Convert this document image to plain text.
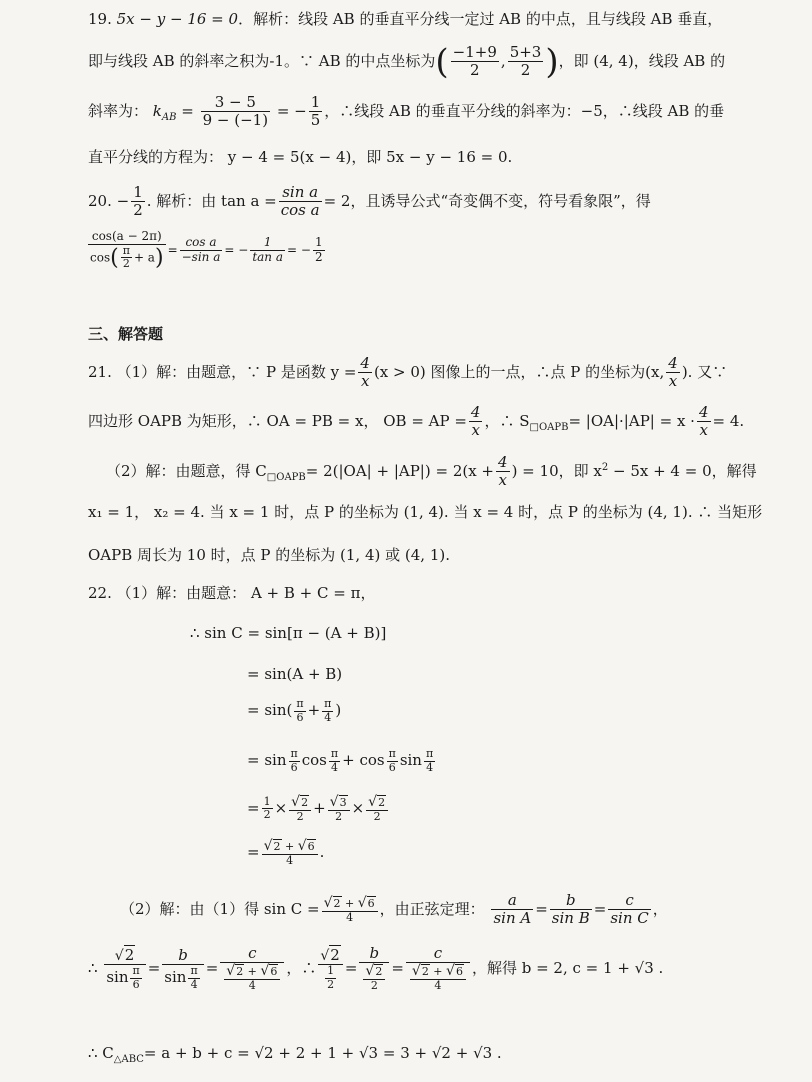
19. 5x − y − 16 = 0．解析：线段 AB 的垂直平分线一定过 AB 的中点，且与线段 AB 垂直，
即与线段 AB 的斜率之积为-1。∵ AB 的中点坐标为( $\frac{-1+9}{2}$ , $\frac{5+3}{2}$ )，即 (4, 4)，线段 AB 的
斜率为： $k_{AB} = \frac{3 - 5}{9 - (-1)}$ = − $\frac{1}{5}$ ，∴线段 AB 的垂直平分线的斜率为：−5，∴线段 AB 的垂
直平分线的方程为： y − 4 = 5(x − 4)，即 5x − y − 16 = 0.
20. − $\frac{1}{2}$ . 解析：由 $\tan a = \frac{\text{sin a}}{\text{cos a}} = 2$，且诱导公式“奇变偶不变，符号看象限”，得
$\frac{\cos(a - 2\pi)}{\cos( \frac{\pi}{2} + a)} = \frac{\text{cos a}}{\text{−sin a}}$ = − $\frac{1}{\text{tan a}}$ = − $\frac{1}{2}$
三、解答题
21. （1）解：由题意，∵ P 是函数 $y = \frac{4}{x} (x > 0)$ 图像上的一点，∴点 P 的坐标为(x, $\frac{4}{x}$ ). 又∵
四边形 OAPB 为矩形，∴ OA = PB = x， OB = AP = $\frac{4}{x}$ ，∴ $S_{□OAPB}= |OA|\cdot|AP| = x \cdot \frac{4}{x} = 4$.
（2）解：由题意，得 $C_{□OAPB}= 2(|OA| + |AP|) = 2(x + \frac{4}{x}$ ) = 10，即 $x^2 - 5x + 4 = 0$，解得
x₁ = 1， x₂ = 4. 当 x = 1 时，点 P 的坐标为 (1, 4). 当 x = 4 时，点 P 的坐标为 (4, 1). ∴ 当矩形
OAPB 周长为 10 时，点 P 的坐标为 (1, 4) 或 (4, 1).
22. （1）解：由题意： A + B + C = π，
∴ sin C = sin[π − (A + B)]
= sin(A + B)
= $\sin( \frac{\pi}{6} + \frac{\pi}{4}$ )
= $\sin \frac{\pi}{6}$ $\cos \frac{\pi}{4} + \cos \frac{\pi}{6}$ $\sin \frac{\pi}{4}$
= $\frac{1}{2} \times \frac{√2}{2} + \frac{√3}{2} \times \frac{√2}{2}$
= $\frac{√2 + √6}{4}$ .
（2）解：由（1）得 $\sin C = \frac{√2 + √6}{4}$ ，由正弦定理： $\frac{a}{\text{sin A}} = \frac{b}{\text{sin B}} = \frac{c}{\text{sin C}}$ ，
∴ $\frac{√2}{\sin \frac{\pi}{6}} = \frac{b}{\sin \frac{\pi}{4}} = \frac{c}{\frac{√2 + √6}{4}}$ ，∴ $\frac{√2}{\frac{1}{2}} = \frac{b}{\frac{√2}{2}} = \frac{c}{\frac{√2 + √6}{4}}$ ，解得 b = 2, c = 1 + √3 .
∴ $C_{\triangle ABC}= a + b + c = √2 + 2 + 1 + √3 = 3 + √2 + √3$ .
